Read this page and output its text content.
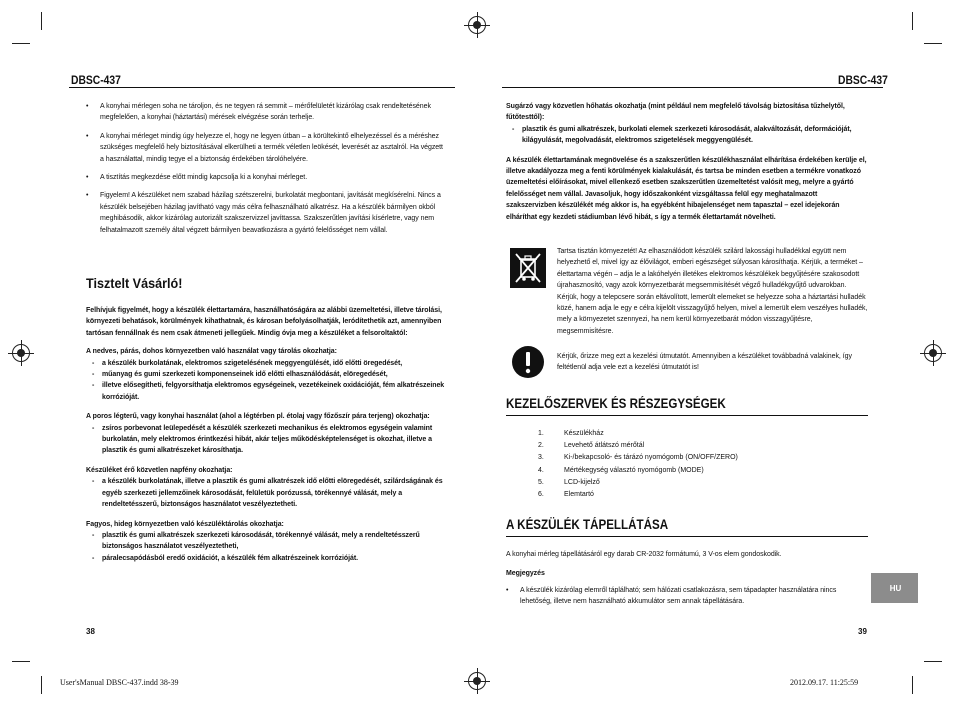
DBSC-437	DBSC-437
• A konyhai mérlegen soha ne tároljon, és ne tegyen rá semmit – mérőfelületét kizárólag csak rendeltetésének megfelelően, a konyhai (háztartási) mérések elvégzése során terhelje.
• A konyhai mérleget mindig úgy helyezze el, hogy ne legyen útban – a körültekintő elhelyezéssel és a méréshez szükséges megfelelő hely biztosításával elkerülheti a termék véletlen leökését, leverését az asztalról. Ha végzett a használattal, mindig tegye el a biztonság érdekében tárolóhelyére.
• A tisztítás megkezdése előtt mindig kapcsolja ki a konyhai mérleget.
• Figyelem! A készüléket nem szabad házilag szétszerelni, burkolatát megbontani, javítását megkísérelni. Nincs a készülék belsejében házilag javítható vagy más célra felhasználható alkatrész. Ha a készülék bármilyen okból meghibásodik, akkor kizárólag autorizált szakszervizzel javíttassa. Szakszerűtlen javítási kísérletre, vagy nem felhatalmazott személy által végzett bármilyen beavatkozásra a gyártó felelősséget nem vállal.
Tisztelt Vásárló!

Felhívjuk figyelmét, hogy a készülék élettartamára, használhatóságára az alábbi üzemeltetési, illetve tárolási, környezeti behatások, körülmények kihathatnak, és károsan befolyásolhatják, leródítethetik azt, amennyiben tartósan fennállnak és nem csak átmeneti jellegűek. Mindig óvja meg a készüléket a felsoroltaktól:

A nedves, párás, dohos környezetben való használat vagy tárolás okozhatja:

- a készülék burkolatának, elektromos szigetelésének meggyengülését, idő előtti öregedését,
- műanyag és gumi szerkezeti komponenseinek idő előtti elhasználódását, elöregedését,
- illetve elősegítheti, felgyorsíthatja elektromos egységeinek, vezetékeinek oxidációját, fém alkatrészeinek korrózióját.

A poros légterű, vagy konyhai használat (ahol a légtérben pl. étolaj vagy főzőszír pára terjeng) okozhatja:

- zsíros porbevonat leülepedését a készülék szerkezeti mechanikus és elektromos egységein valamint burkolatán, mely elektromos érintkezési hibát, akár teljes működésképtelenséget is okozhat, illetve a plasztik és gumi alkatrészeket károsíthatja.

Készüléket érő közvetlen napfény okozhatja:

- a készülék burkolatának, illetve a plasztik és gumi alkatrészek idő előtti elöregedését, szilárdságának és egyéb szerkezeti jellemzőinek károsodását, felületük porózussá, törékennyé válását, mely a rendeltetésszerű, biztonságos használatot veszélyeztetheti.

Fagyos, hideg környezetben való készüléktárolás okozhatja:

- plasztik és gumi alkatrészek szerkezeti károsodását, törékennyé válását, mely a rendeltetésszerű biztonságos használatot veszélyeztetheti,
- páralecsapódásból eredő oxidációt, a készülék fém alkatrészeinek korrózióját.
38

Sugárzó vagy közvetlen hőhatás okozhatja (mint például nem megfelelő távolság biztosítása tűzhelytől, fűtőtesttől):

- plasztik és gumi alkatrészek, burkolati elemek szerkezeti károsodását, alakváltozását, deformációját, kilágyulását, megolvadását, elektromos szigetelések meggyengülését.

A készülék élettartamának megnövelése és a szakszerűtlen készülékhasználat elhárítása érdekében kerülje el, illetve akadályozza meg a fenti körülmények kialakulását, és tartsa be minden esetben a termékre vonatkozó üzemeltetési előírásokat, mivel ellenkező esetben szakszerűtlen üzemeltetést valósít meg, melyre a gyártó felelősséget nem vállal. Javasoljuk, hogy időszakonként vizsgáltassa felül egy meghatalmazott szakszervizben készülékét még akkor is, ha egyébként hibajelenséget nem tapasztal – ezel idejekorán elháríthat egy kezdeti stádiumban lévő hibát, s így a termék élettartamát növelheti.

Tartsa tisztán környezetét! Az elhasználódott készülék szilárd lakossági hulladékkal együtt nem helyezhető el, mivel így az élővilágot, emberi egészséget súlyosan károsíthatja. Kérjük, a terméket – élettartama végén – adja le a lakóhelyén illetékes elektromos készülékek begyűjtésére szakosodott újrahasznosító, vagy azok környezetbarát megsemmisítését végző hulladékgyűjtő udvarokban. Kérjük, hogy a telepcsere során eltávolított, lemerült elemeket se helyezze soha a háztartási hulladék közé, hanem adja le egy e célra kijelölt visszagyűjtő helyen, mivel a lemerült elem veszélyes hulladék, mely a környezetet szennyezi, ha nem kerül környezetbarát módon visszagyűjtésre, megsemmisítésre.
Kérjük, őrizze meg ezt a kezelési útmutatót. Amennyiben a készüléket továbbadná valakinek, így feltétlenül adja vele ezt a kezelési útmutatót is!
KEZELŐSZERVEK ÉS RÉSZEGYSÉGEK
1.	Készülékház
2.	Levehető átlátszó mérőtál
3.	Ki-/bekapcsoló- és tárázó nyomógomb (ON/OFF/ZERO)
4.	Mértékegység választó nyomógomb (MODE)
5.	LCD-kijelző
6.	Elemtartó
A KÉSZÜLÉK TÁPELLÁTÁSA

A konyhai mérleg tápellátásáról egy darab CR-2032 formátumú, 3 V-os elem gondoskodik.

Megjegyzés

• A készülék kizárólag elemről táplálható; sem hálózati csatlakozásra, sem tápadapter használatára nincs lehetőség, illetve nem használható akkumulátor sem annak tápellátására.
HU
39
User'sManual DBSC-437.indd 38-39	2012.09.17. 11:25:59
